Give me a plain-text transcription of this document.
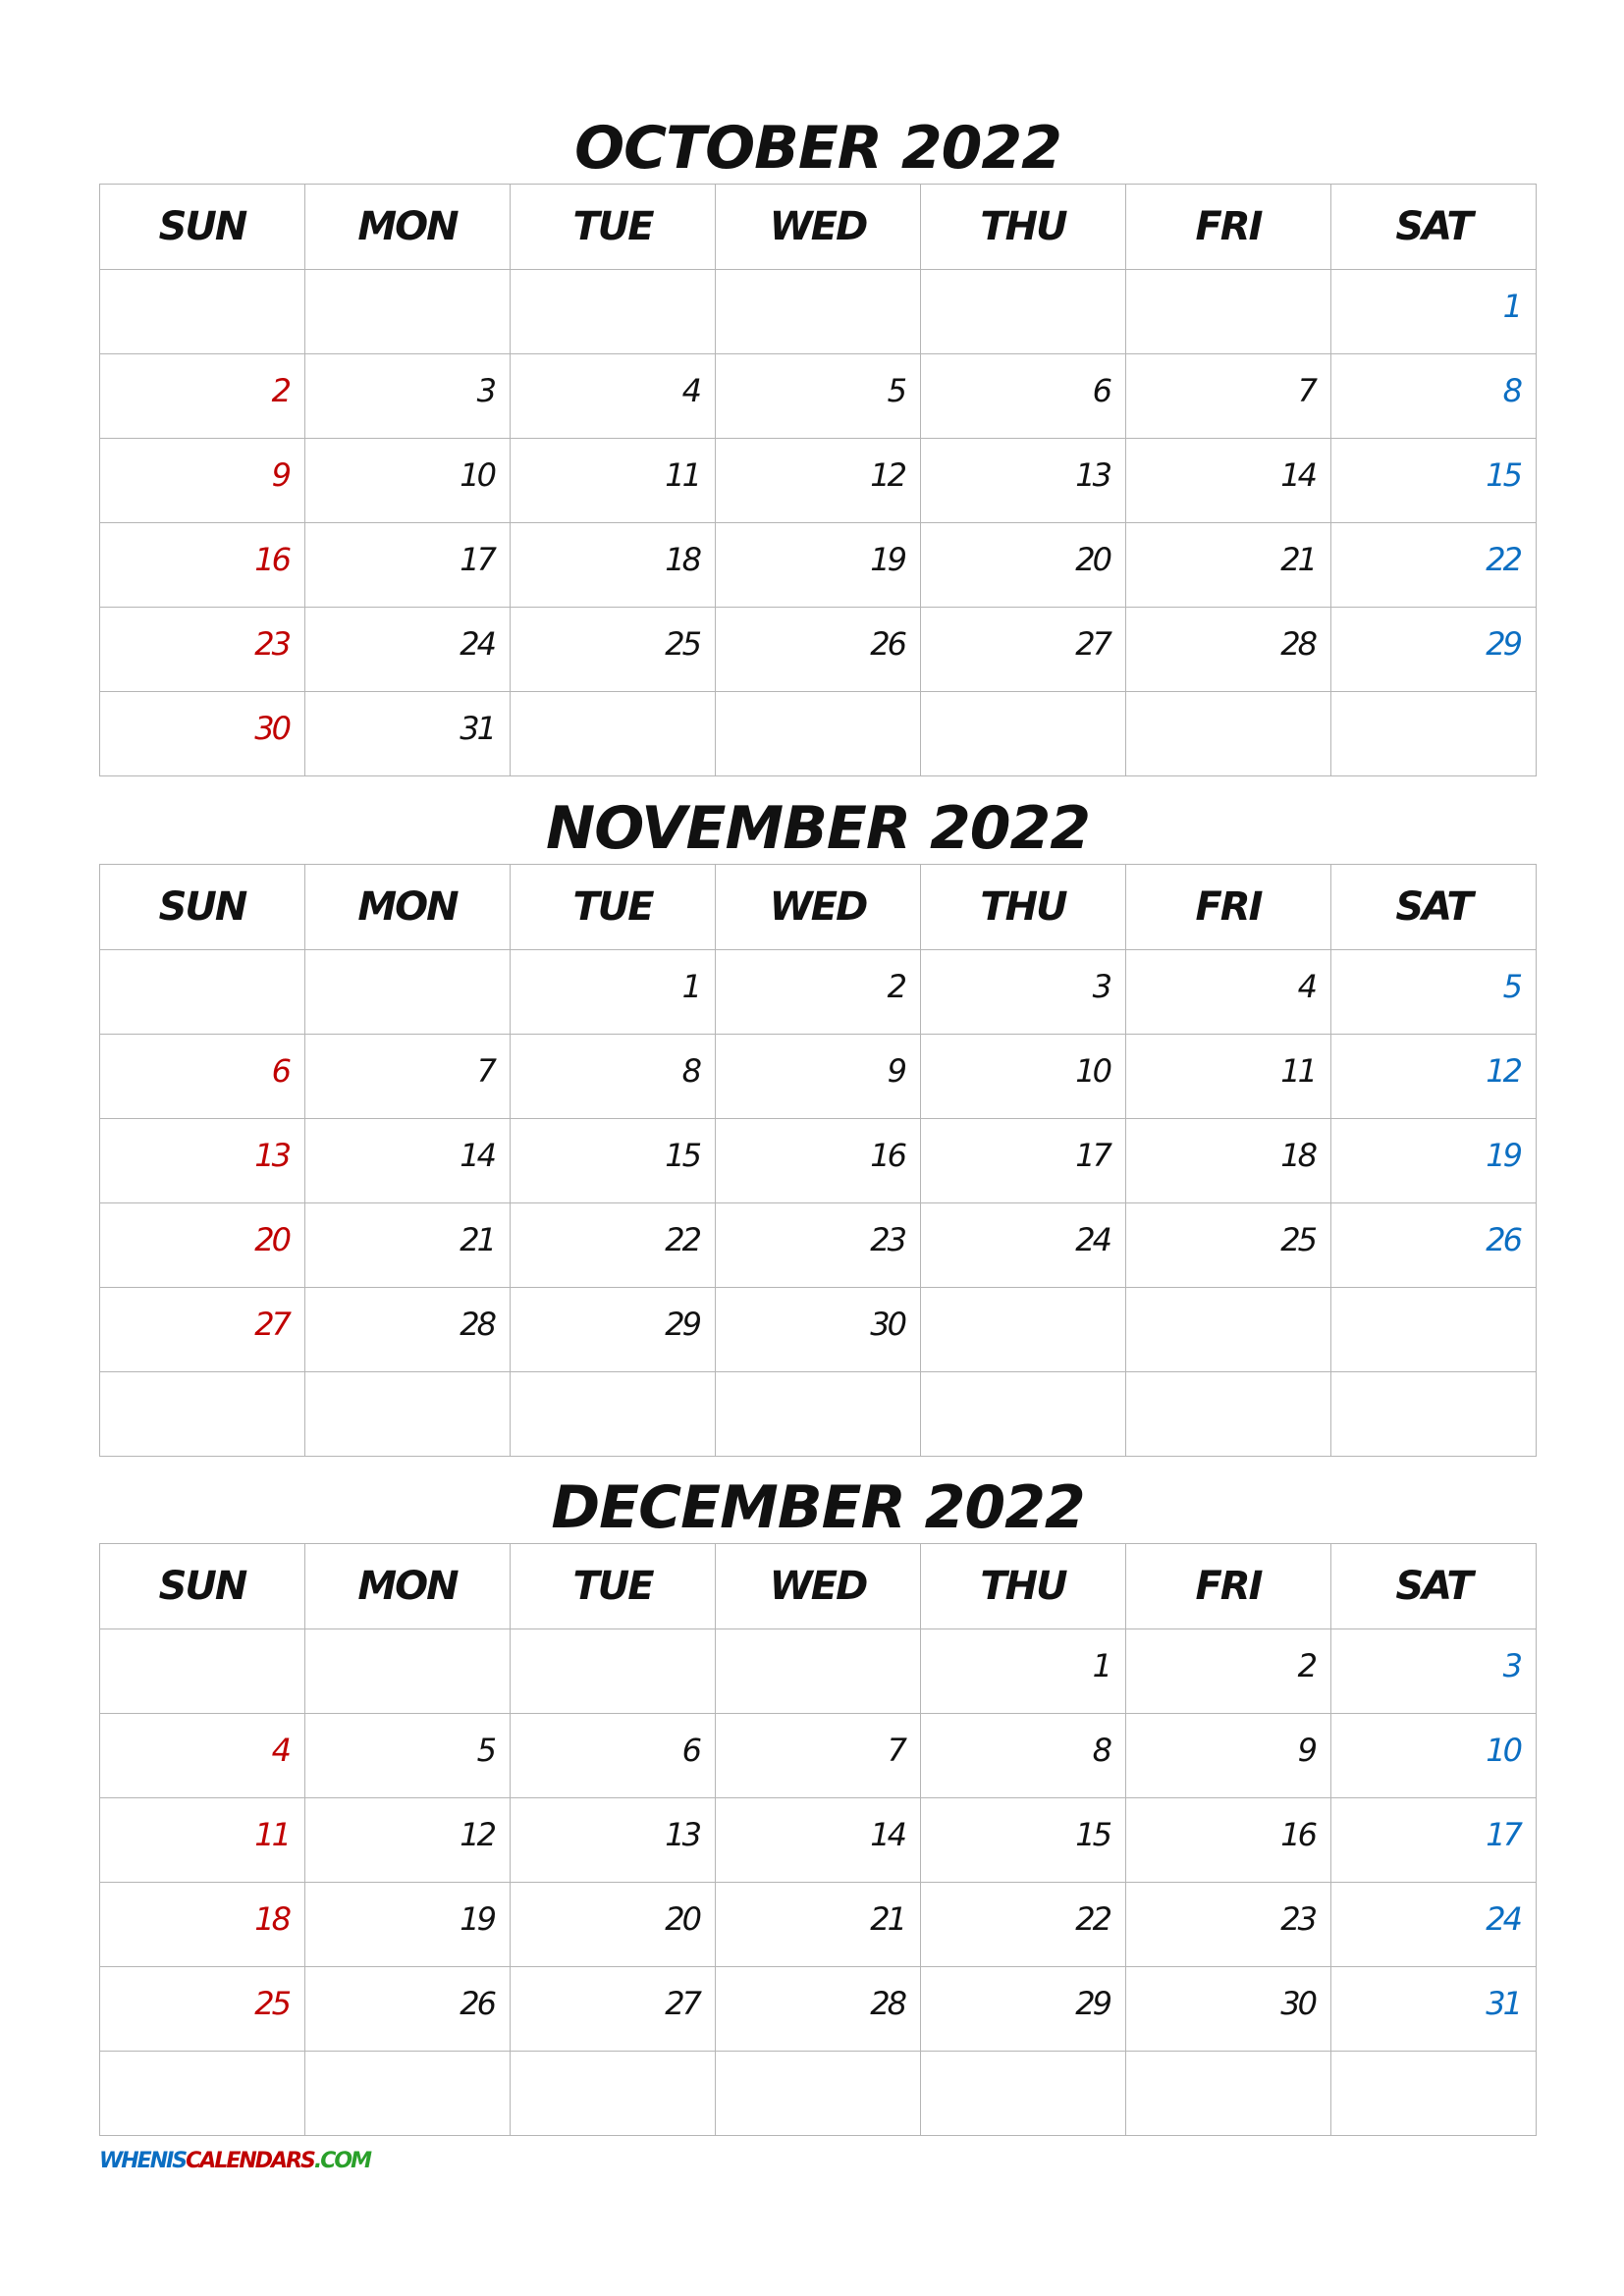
OCTOBER 2022
SUN	MON	TUE	WED	THU	FRI	SAT
						1
2	3	4	5	6	7	8
9	10	11	12	13	14	15
16	17	18	19	20	21	22
23	24	25	26	27	28	29
30	31					
NOVEMBER 2022
SUN	MON	TUE	WED	THU	FRI	SAT
		1	2	3	4	5
6	7	8	9	10	11	12
13	14	15	16	17	18	19
20	21	22	23	24	25	26
27	28	29	30			

DECEMBER 2022
SUN	MON	TUE	WED	THU	FRI	SAT
				1	2	3
4	5	6	7	8	9	10
11	12	13	14	15	16	17
18	19	20	21	22	23	24
25	26	27	28	29	30	31

WHENISCALENDARS.COM
